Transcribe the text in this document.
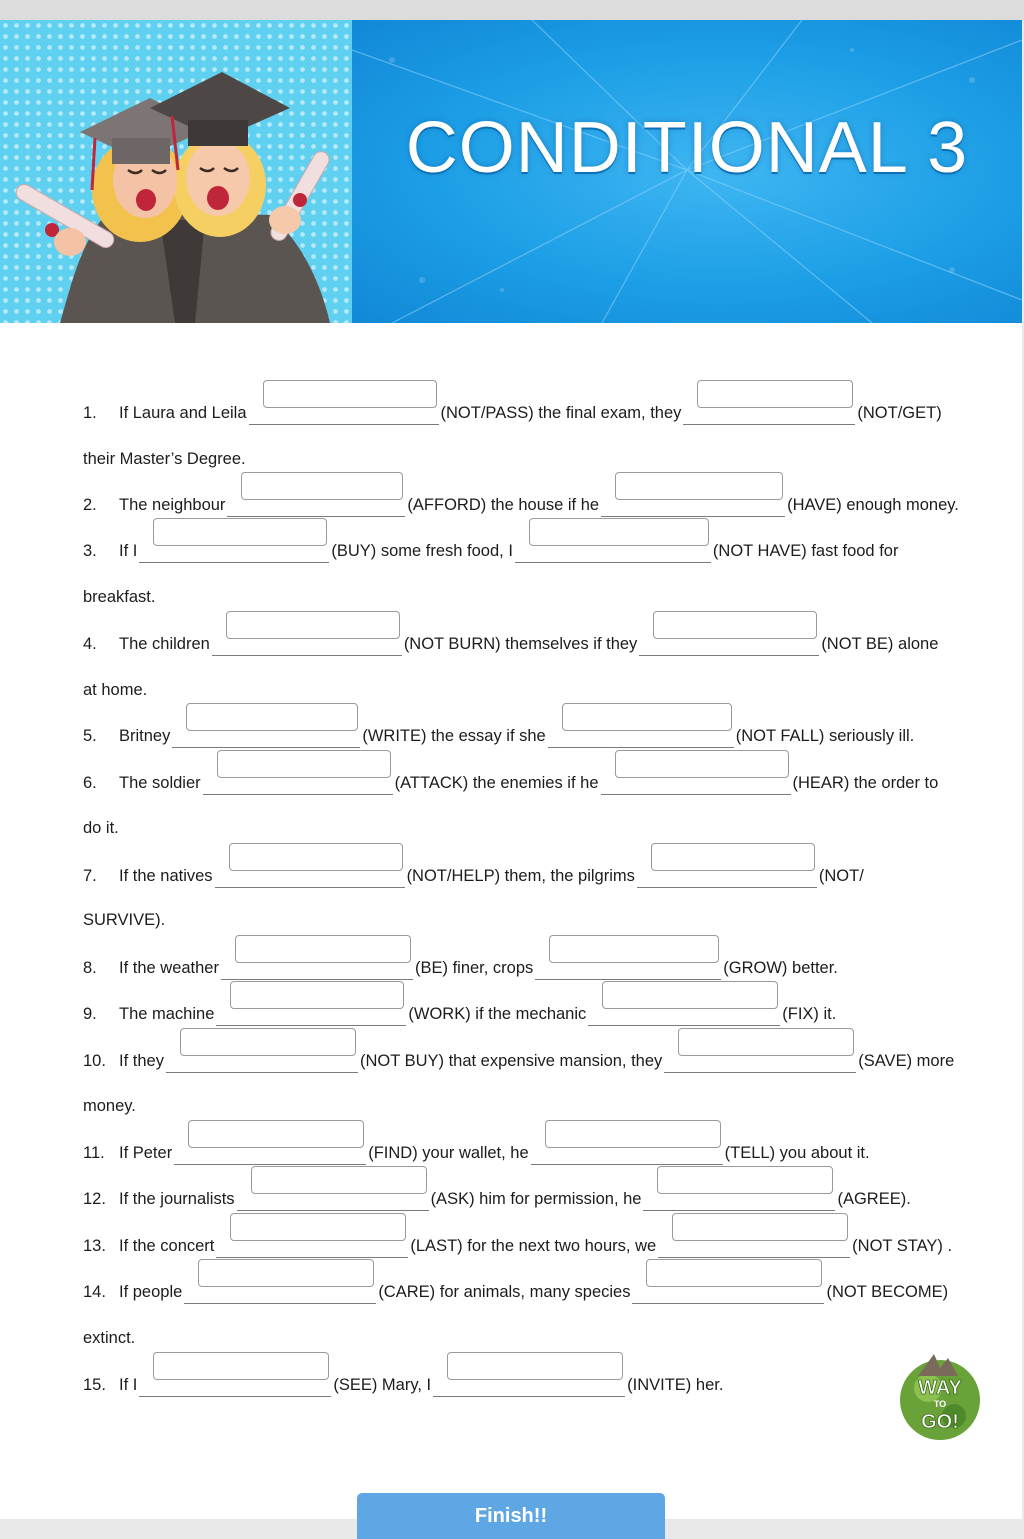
CONDITIONAL 3
1. If Laura and Leila	(NOT/PASS) the final exam, they	(NOT/GET)
their Master’s Degree.
2. The neighbour	(AFFORD) the house if he	(HAVE) enough money.
3. If I	(BUY) some fresh food, I	(NOT HAVE) fast food for
breakfast.
4. The children	(NOT BURN) themselves if they	(NOT BE) alone
at home.
5. Britney	(WRITE) the essay if she	(NOT FALL) seriously ill.
6. The soldier	(ATTACK) the enemies if he	(HEAR) the order to
do it.
7. If the natives	(NOT/HELP) them, the pilgrims	(NOT/
SURVIVE).
8. If the weather	(BE) finer, crops	(GROW) better.
9. The machine	(WORK) if the mechanic	(FIX) it.
10. If they	(NOT BUY) that expensive mansion, they	(SAVE) more
money.
11. If Peter	(FIND) your wallet, he	(TELL) you about it.
12. If the journalists	(ASK) him for permission, he	(AGREE).
13. If the concert	(LAST) for the next two hours, we	(NOT STAY) .
14. If people	(CARE) for animals, many species	(NOT BECOME)
extinct.
15. If I	(SEE) Mary, I	(INVITE) her.	WAY
TO
GO!
Finish!!
